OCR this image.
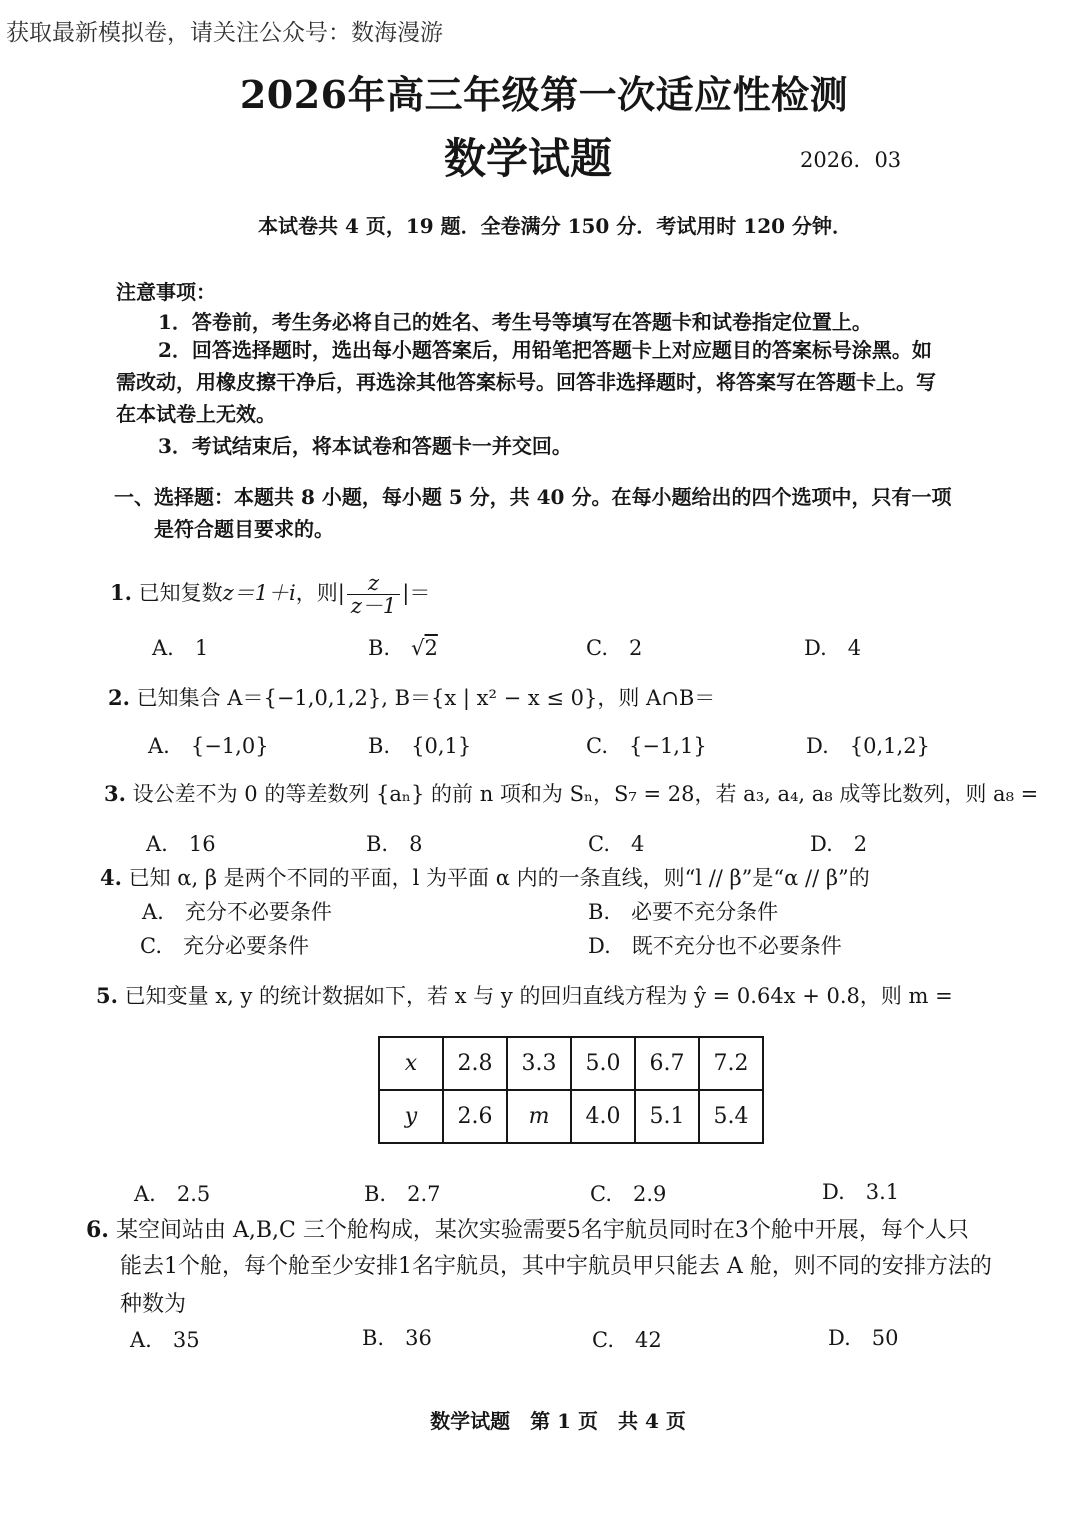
获取最新模拟卷，请关注公众号：数海漫游
2026年高三年级第一次适应性检测
数学试题	2026．03
本试卷共 4 页，19 题．全卷满分 150 分．考试用时 120 分钟．
注意事项：
1．答卷前，考生务必将自己的姓名、考生号等填写在答题卡和试卷指定位置上。
2．回答选择题时，选出每小题答案后，用铅笔把答题卡上对应题目的答案标号涂黑。如
需改动，用橡皮擦干净后，再选涂其他答案标号。回答非选择题时，将答案写在答题卡上。写
在本试卷上无效。
3．考试结束后，将本试卷和答题卡一并交回。
一、选择题：本题共 8 小题，每小题 5 分，共 40 分。在每小题给出的四个选项中，只有一项
是符合题目要求的。
1. 已知复数z＝1＋i，则| $\frac{z}{z-1}$ |＝
A.　1	B.　 √2	C.　2	D.　4
2. 已知集合 A＝{−1,0,1,2}, B＝{x | x² − x ≤ 0}，则 A∩B＝
A.　{−1,0}	B.　{0,1}	C.　{−1,1}	D.　{0,1,2}
3. 设公差不为 0 的等差数列 {aₙ} 的前 n 项和为 Sₙ，S₇ = 28，若 a₃, a₄, a₈ 成等比数列，则 a₈ =
A.　16	B.　8	C.　4	D.　2
4. 已知 α, β 是两个不同的平面，l 为平面 α 内的一条直线，则“l // β”是“α // β”的
A.　充分不必要条件	B.　必要不充分条件
C.　充分必要条件	D.　既不充分也不必要条件
5. 已知变量 x, y 的统计数据如下，若 x 与 y 的回归直线方程为 ŷ = 0.64x + 0.8，则 m =
x	2.8	3.3	5.0	6.7	7.2
y	2.6	m	4.0	5.1	5.4
A.　2.5	B.　2.7	C.　2.9	D.　3.1
6. 某空间站由 A,B,C 三个舱构成，某次实验需要5名宇航员同时在3个舱中开展，每个人只
能去1个舱，每个舱至少安排1名宇航员，其中宇航员甲只能去 A 舱，则不同的安排方法的
种数为
A.　35	B.　36	C.　42	D.　50
数学试题　第 1 页　共 4 页
